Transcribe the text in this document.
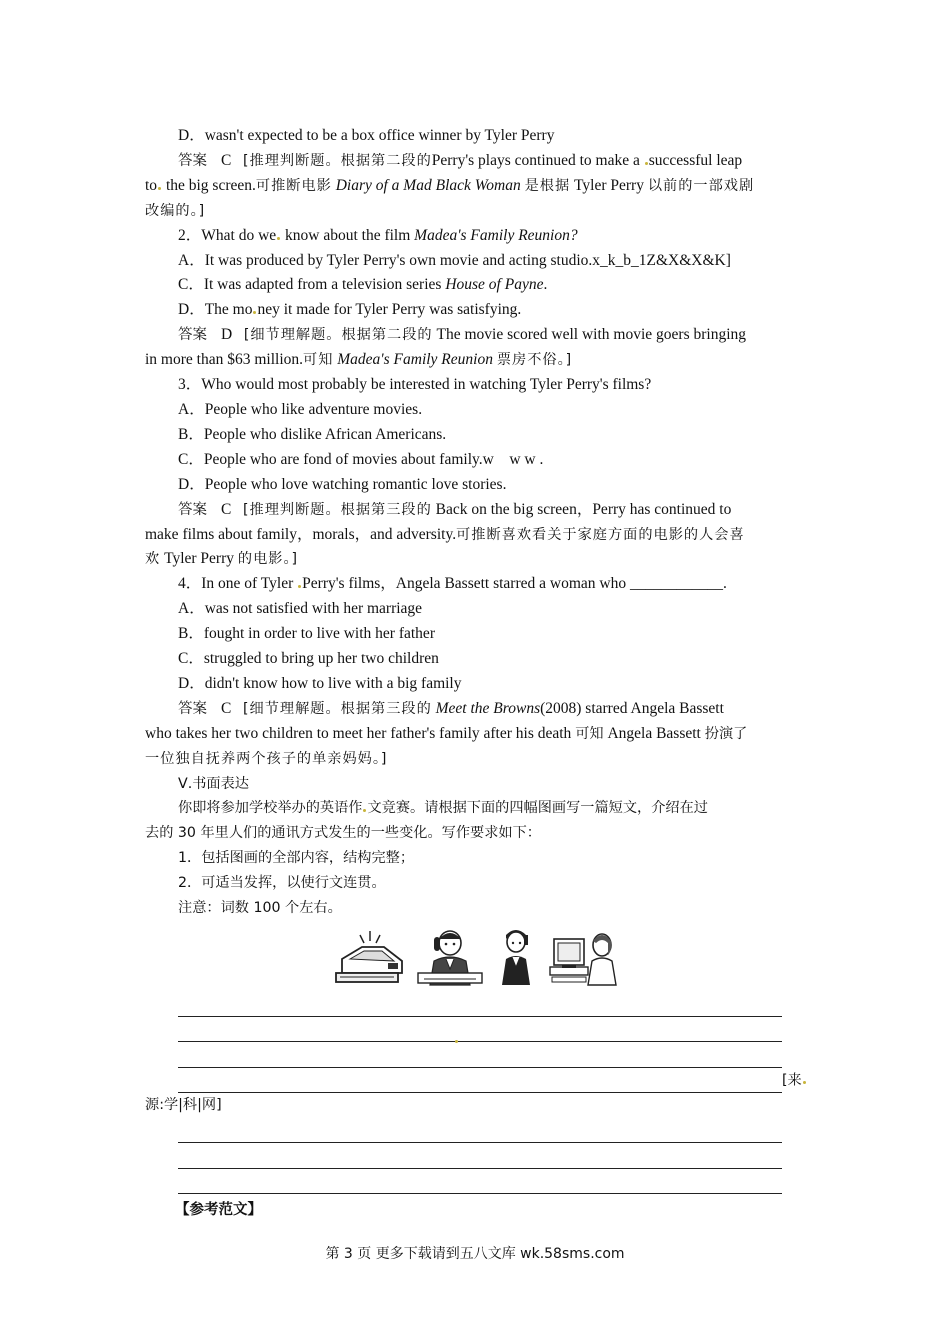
D．wasn't expected to be a box office winner by Tyler Perry
答案 C [推理判断题。根据第二段的Perry's plays continued to make a successful leap
to the big screen.可推断电影 Diary of a Mad Black Woman 是根据 Tyler Perry 以前的一部戏剧
改编的。]
2．What do we know about the film Madea's Family Reunion?
A．It was produced by Tyler Perry's own movie and acting studio.x_k_b_1Z&X&X&K]
C．It was adapted from a television series House of Payne.
D．The mo ney it made for Tyler Perry was satisfying.
答案 D [细节理解题。根据第二段的 The movie scored well with movie goers bringing
in more than $63 million.可知 Madea's Family Reunion 票房不俗。]
3．Who would most probably be interested in watching Tyler Perry's films?
A．People who like adventure movies.
B．People who dislike African Americans.
C．People who are fond of movies about family.w    w w .
D．People who love watching romantic love stories.
答案 C [推理判断题。根据第三段的 Back on the big screen，Perry has continued to
make films about family，morals，and adversity.可推断喜欢看关于家庭方面的电影的人会喜
欢 Tyler Perry 的电影。]
4．In one of Tyler Perry's films，Angela Bassett starred a woman who ____________.
A．was not satisfied with her marriage
B．fought in order to live with her father
C．struggled to bring up her two children
D．didn't know how to live with a big family
答案 C [细节理解题。根据第三段的 Meet the Browns(2008) starred Angela Bassett
who takes her two children to meet her father's family after his death 可知 Angela Bassett 扮演了
一位独自抚养两个孩子的单亲妈妈。]
Ⅴ.书面表达
你即将参加学校举办的英语作 文竞赛。请根据下面的四幅图画写一篇短文，介绍在过
去的 30 年里人们的通讯方式发生的一些变化。写作要求如下：
1．包括图画的全部内容，结构完整；
2．可适当发挥，以使行文连贯。
注意：词数 100 个左右。
[来
源:学|科|网]
【参考范文】
第 3 页 更多下载请到五八文库 wk.58sms.com
